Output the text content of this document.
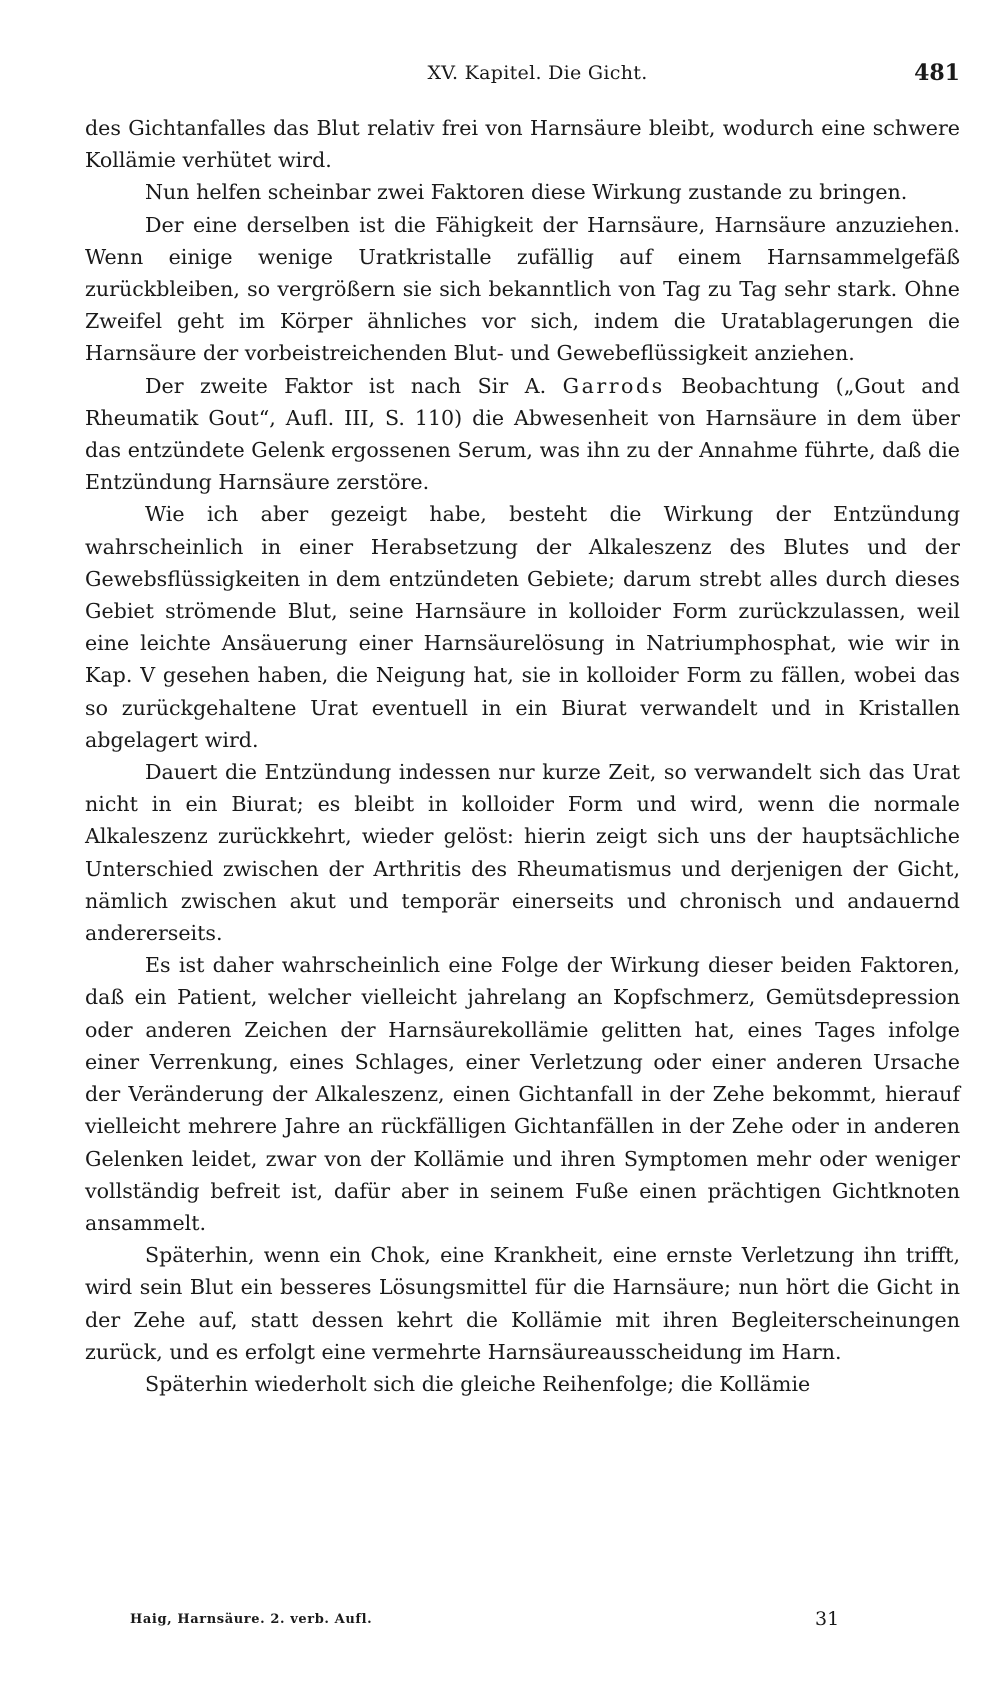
XV. Kapitel. Die Gicht.	481

des Gichtanfalles das Blut relativ frei von Harnsäure bleibt, wodurch eine schwere Kollämie verhütet wird.

Nun helfen scheinbar zwei Faktoren diese Wirkung zustande zu bringen.

Der eine derselben ist die Fähigkeit der Harnsäure, Harnsäure anzuziehen. Wenn einige wenige Uratkristalle zufällig auf einem Harnsammelgefäß zurückbleiben, so vergrößern sie sich bekanntlich von Tag zu Tag sehr stark. Ohne Zweifel geht im Körper ähnliches vor sich, indem die Uratablagerungen die Harnsäure der vorbeistreichenden Blut- und Gewebeflüssigkeit anziehen.

Der zweite Faktor ist nach Sir A. Garrods Beobachtung („Gout and Rheumatik Gout“, Aufl. III, S. 110) die Abwesenheit von Harnsäure in dem über das entzündete Gelenk ergossenen Serum, was ihn zu der Annahme führte, daß die Entzündung Harnsäure zerstöre.

Wie ich aber gezeigt habe, besteht die Wirkung der Entzündung wahrscheinlich in einer Herabsetzung der Alkaleszenz des Blutes und der Gewebsflüssigkeiten in dem entzündeten Gebiete; darum strebt alles durch dieses Gebiet strömende Blut, seine Harnsäure in kolloider Form zurückzulassen, weil eine leichte Ansäuerung einer Harnsäurelösung in Natriumphosphat, wie wir in Kap. V gesehen haben, die Neigung hat, sie in kolloider Form zu fällen, wobei das so zurückgehaltene Urat eventuell in ein Biurat verwandelt und in Kristallen abgelagert wird.

Dauert die Entzündung indessen nur kurze Zeit, so verwandelt sich das Urat nicht in ein Biurat; es bleibt in kolloider Form und wird, wenn die normale Alkaleszenz zurückkehrt, wieder gelöst: hierin zeigt sich uns der hauptsächliche Unterschied zwischen der Arthritis des Rheumatismus und derjenigen der Gicht, nämlich zwischen akut und temporär einerseits und chronisch und andauernd andererseits.

Es ist daher wahrscheinlich eine Folge der Wirkung dieser beiden Faktoren, daß ein Patient, welcher vielleicht jahrelang an Kopfschmerz, Gemütsdepression oder anderen Zeichen der Harnsäurekollämie gelitten hat, eines Tages infolge einer Verrenkung, eines Schlages, einer Verletzung oder einer anderen Ursache der Veränderung der Alkaleszenz, einen Gichtanfall in der Zehe bekommt, hierauf vielleicht mehrere Jahre an rückfälligen Gichtanfällen in der Zehe oder in anderen Gelenken leidet, zwar von der Kollämie und ihren Symptomen mehr oder weniger vollständig befreit ist, dafür aber in seinem Fuße einen prächtigen Gichtknoten ansammelt.

Späterhin, wenn ein Chok, eine Krankheit, eine ernste Verletzung ihn trifft, wird sein Blut ein besseres Lösungsmittel für die Harnsäure; nun hört die Gicht in der Zehe auf, statt dessen kehrt die Kollämie mit ihren Begleiterscheinungen zurück, und es erfolgt eine vermehrte Harnsäureausscheidung im Harn.

Späterhin wiederholt sich die gleiche Reihenfolge; die Kollämie

Haig, Harnsäure. 2. verb. Aufl.	31
